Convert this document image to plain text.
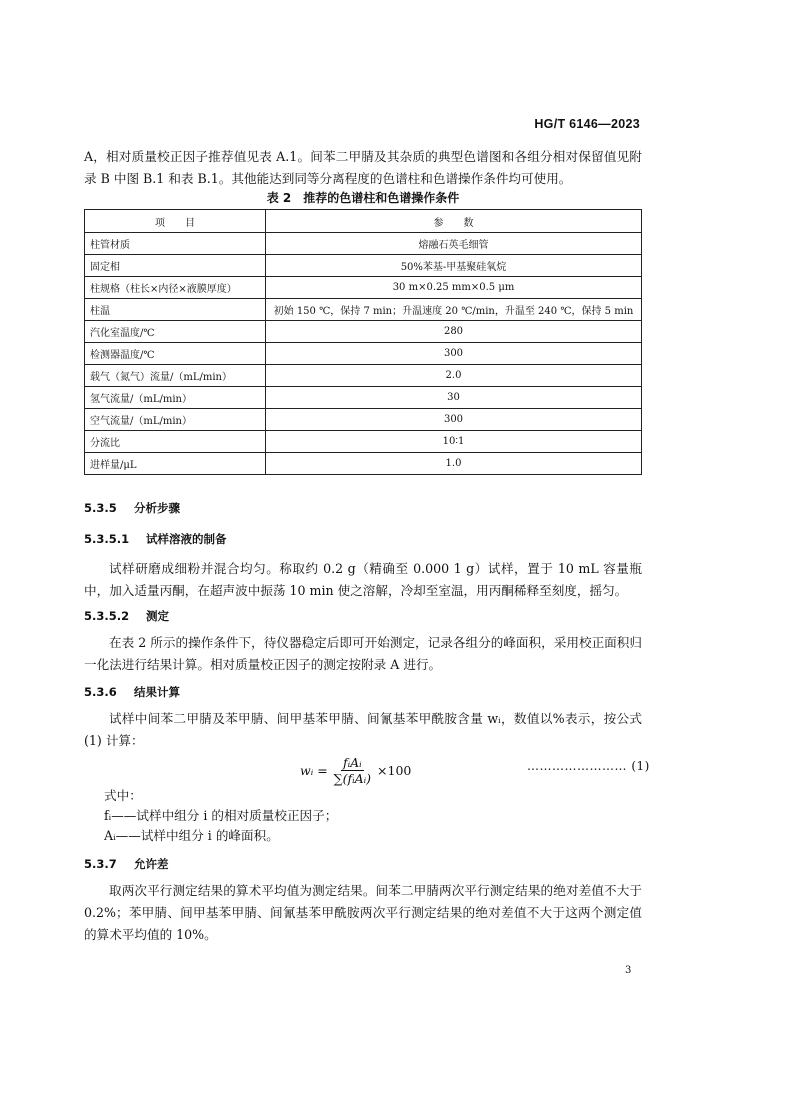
HG/T 6146—2023
A，相对质量校正因子推荐值见表 A.1。间苯二甲腈及其杂质的典型色谱图和各组分相对保留值见附录 B 中图 B.1 和表 B.1。其他能达到同等分离程度的色谱柱和色谱操作条件均可使用。
表 2　推荐的色谱柱和色谱操作条件
项　　目	参　　数
柱管材质	熔融石英毛细管
固定相	50%苯基-甲基聚硅氧烷
柱规格（柱长×内径×液膜厚度）	30 m×0.25 mm×0.5 μm
柱温	初始 150 ℃，保持 7 min；升温速度 20 ℃/min，升温至 240 ℃，保持 5 min
汽化室温度/℃	280
检测器温度/℃	300
载气（氮气）流量/（mL/min）	2.0
氢气流量/（mL/min）	30
空气流量/（mL/min）	300
分流比	10∶1
进样量/μL	1.0
5.3.5 分析步骤
5.3.5.1 试样溶液的制备
试样研磨成细粉并混合均匀。称取约 0.2 g（精确至 0.000 1 g）试样，置于 10 mL 容量瓶中，加入适量丙酮，在超声波中振荡 10 min 使之溶解，冷却至室温，用丙酮稀释至刻度，摇匀。
5.3.5.2 测定
在表 2 所示的操作条件下，待仪器稳定后即可开始测定，记录各组分的峰面积，采用校正面积归一化法进行结果计算。相对质量校正因子的测定按附录 A 进行。
5.3.6 结果计算
试样中间苯二甲腈及苯甲腈、间甲基苯甲腈、间氰基苯甲酰胺含量 wᵢ，数值以%表示，按公式(1) 计算：
wᵢ = $\frac{\text{fᵢAᵢ}}{\text{∑(fᵢAᵢ)}} \times 100$	…………………… (1)
式中：
fᵢ——试样中组分 i 的相对质量校正因子；
Aᵢ——试样中组分 i 的峰面积。
5.3.7 允许差
取两次平行测定结果的算术平均值为测定结果。间苯二甲腈两次平行测定结果的绝对差值不大于 0.2%；苯甲腈、间甲基苯甲腈、间氰基苯甲酰胺两次平行测定结果的绝对差值不大于这两个测定值的算术平均值的 10%。
3
